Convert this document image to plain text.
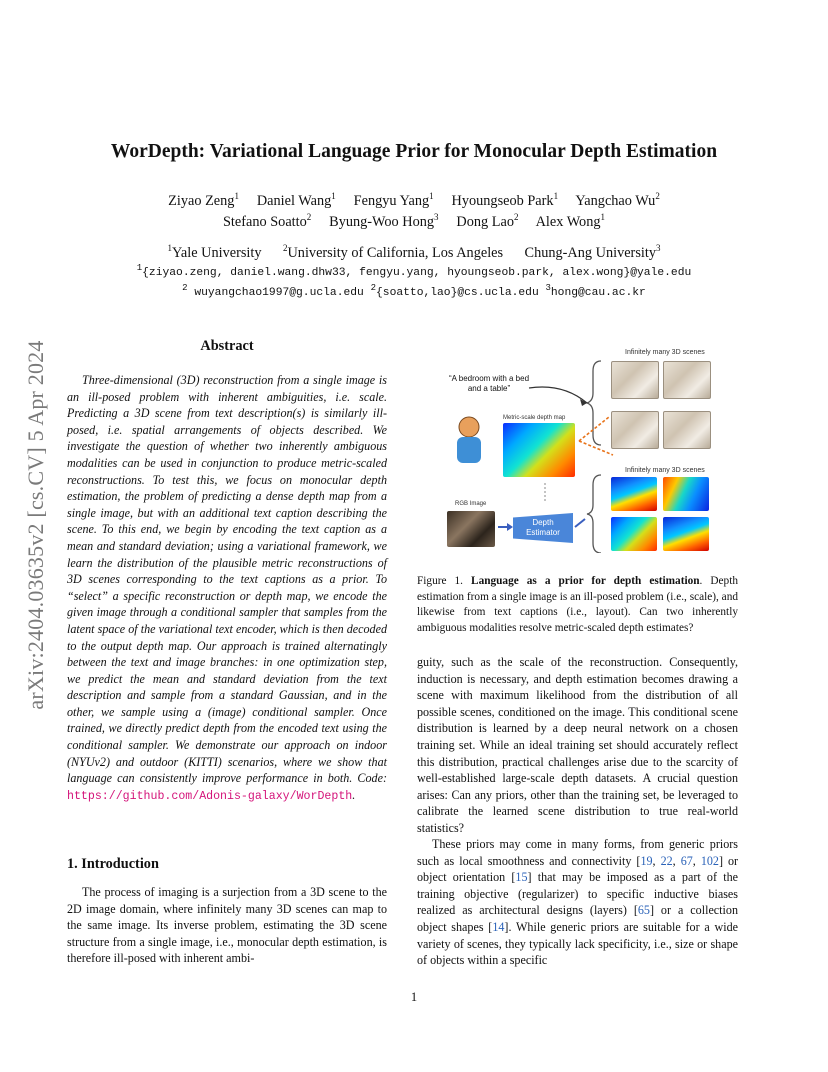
arXiv:2404.03635v2 [cs.CV] 5 Apr 2024
WorDepth: Variational Language Prior for Monocular Depth Estimation
Ziyao Zeng$^1$ Daniel Wang$^1$ Fengyu Yang$^1$ Hyoungseob Park$^1$ Yangchao Wu$^2$
Stefano Soatto$^2$ Byung-Woo Hong$^3$ Dong Lao$^2$ Alex Wong$^1$
$^1$Yale University $^2$University of California, Los Angeles Chung-Ang University$^3$
$^1${ziyao.zeng, daniel.wang.dhw33, fengyu.yang, hyoungseob.park, alex.wong}@yale.edu
$^2$ wuyangchao1997@g.ucla.edu $^2${soatto,lao}@cs.ucla.edu $^3$hong@cau.ac.kr
Abstract

Three-dimensional (3D) reconstruction from a single image is an ill-posed problem with inherent ambiguities, i.e. scale. Predicting a 3D scene from text description(s) is similarly ill-posed, i.e. spatial arrangements of objects described. We investigate the question of whether two inherently ambiguous modalities can be used in conjunction to produce metric-scaled reconstructions. To test this, we focus on monocular depth estimation, the problem of predicting a dense depth map from a single image, but with an additional text caption describing the scene. To this end, we begin by encoding the text caption as a mean and standard deviation; using a variational framework, we learn the distribution of the plausible metric reconstructions of 3D scenes corresponding to the text captions as a prior. To “select” a specific reconstruction or depth map, we encode the given image through a conditional sampler that samples from the latent space of the variational text encoder, which is then decoded to the output depth map. Our approach is trained alternatingly between the text and image branches: in one optimization step, we predict the mean and standard deviation from the text description and sample from a standard Gaussian, and in the other, we sample using a (image) conditional sampler. Once trained, we directly predict depth from the encoded text using the conditional sampler. We demonstrate our approach on indoor (NYUv2) and outdoor (KITTI) scenarios, where we show that language can consistently improve performance in both. Code: https://github.com/Adonis-galaxy/WorDepth.

1. Introduction

The process of imaging is a surjection from a 3D scene to the 2D image domain, where infinitely many 3D scenes can map to the same image. Its inverse problem, estimating the 3D scene structure from a single image, i.e., monocular depth estimation, is therefore ill-posed with inherent ambi-

Infinitely many 3D scenes
“A bedroom with a bed and a table”
Metric-scale depth map
Infinitely many 3D scenes
RGB Image
Depth Estimator
Figure 1. Language as a prior for depth estimation. Depth estimation from a single image is an ill-posed problem (i.e., scale), and likewise from text captions (i.e., layout). Can two inherently ambiguous modalities resolve metric-scaled depth estimates?

guity, such as the scale of the reconstruction. Consequently, induction is necessary, and depth estimation becomes drawing a scene with maximum likelihood from the distribution of all possible scenes, conditioned on the image. This conditional scene distribution is learned by a deep neural network on a chosen training set. While an ideal training set should accurately reflect this distribution, practical challenges arise due to the scarcity of well-established large-scale depth datasets. A crucial question arises: Can any priors, other than the training set, be leveraged to calibrate the learned scene distribution to true real-world statistics?

These priors may come in many forms, from generic priors such as local smoothness and connectivity [19, 22, 67, 102] or object orientation [15] that may be imposed as a part of the training objective (regularizer) to specific inductive biases realized as architectural designs (layers) [65] or a collection object shapes [14]. While generic priors are suitable for a wide variety of scenes, they typically lack specificity, i.e., size or shape of objects within a specific

1
